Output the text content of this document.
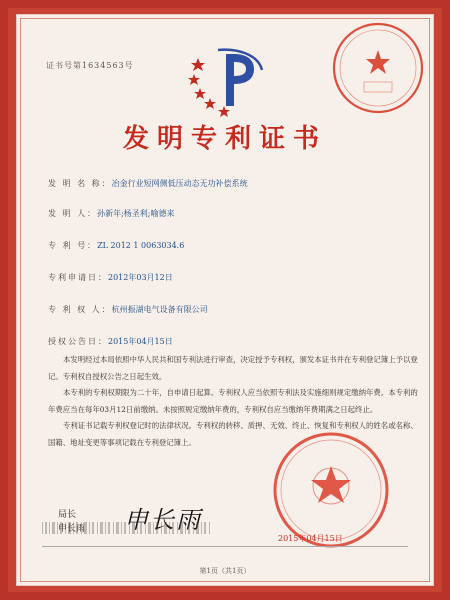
证书号第1634563号
发明专利证书
发 明 名 称：冶金行业短网侧低压动态无功补偿系统
发 明 人：孙新年;杨圣利;喻德来
专 利 号：ZL 2012 1 0063034.6
专利申请日：2012年03月12日
专 利 权 人：杭州振湖电气设备有限公司
授权公告日：2015年04月15日

本发明经过本局依照中华人民共和国专利法进行审查，决定授予专利权，颁发本证书并在专利登记簿上予以登记。专利权自授权公告之日起生效。

本专利的专利权期限为二十年，自申请日起算。专利权人应当依照专利法及实施细则规定缴纳年费。本专利的年费应当在每年03月12日前缴纳。未按照规定缴纳年费的，专利权自应当缴纳年费期满之日起终止。

专利证书记载专利权登记时的法律状况。专利权的转移、质押、无效、终止、恢复和专利权人的姓名或名称、国籍、地址变更等事项记载在专利登记簿上。

局长
申长雨 申长雨
2015年04月15日
第1页（共1页）
